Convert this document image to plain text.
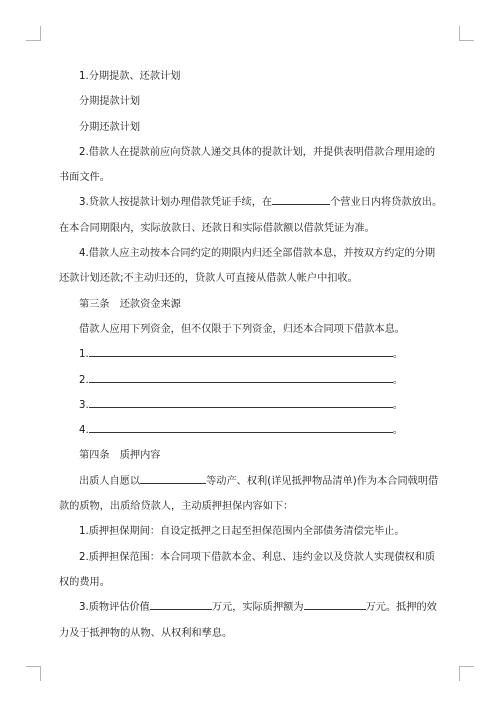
1.分期提款、还款计划

分期提款计划

分期还款计划

2.借款人在提款前应向贷款人递交具体的提款计划，并提供表明借款合理用途的

书面文件。

3.贷款人按提款计划办理借款凭证手续，在	个营业日内将贷款放出。

在本合同期限内，实际放款日、还款日和实际借款额以借款凭证为准。

4.借款人应主动按本合同约定的期限内归还全部借款本息，并按双方约定的分期

还款计划还款;不主动归还的，贷款人可直接从借款人帐户中扣收。

第三条　还款资金来源

借款人应用下列资金，但不仅限于下列资金，归还本合同项下借款本息。

1.	。

2.	。

3.	。

4.	。

第四条　质押内容

出质人自愿以	等动产、权利(详见抵押物品清单)作为本合同戟明借

款的质物，出质给贷款人，主动质押担保内容如下：

1.质押担保期间：自设定抵押之日起至担保范围内全部债务清偿完毕止。

2.质押担保范围：本合同项下借款本金、利息、违约金以及贷款人实现债权和质

权的费用。

3.质物评估价值	万元，实际质押额为	万元。抵押的效

力及于抵押物的从物、从权利和孳息。
